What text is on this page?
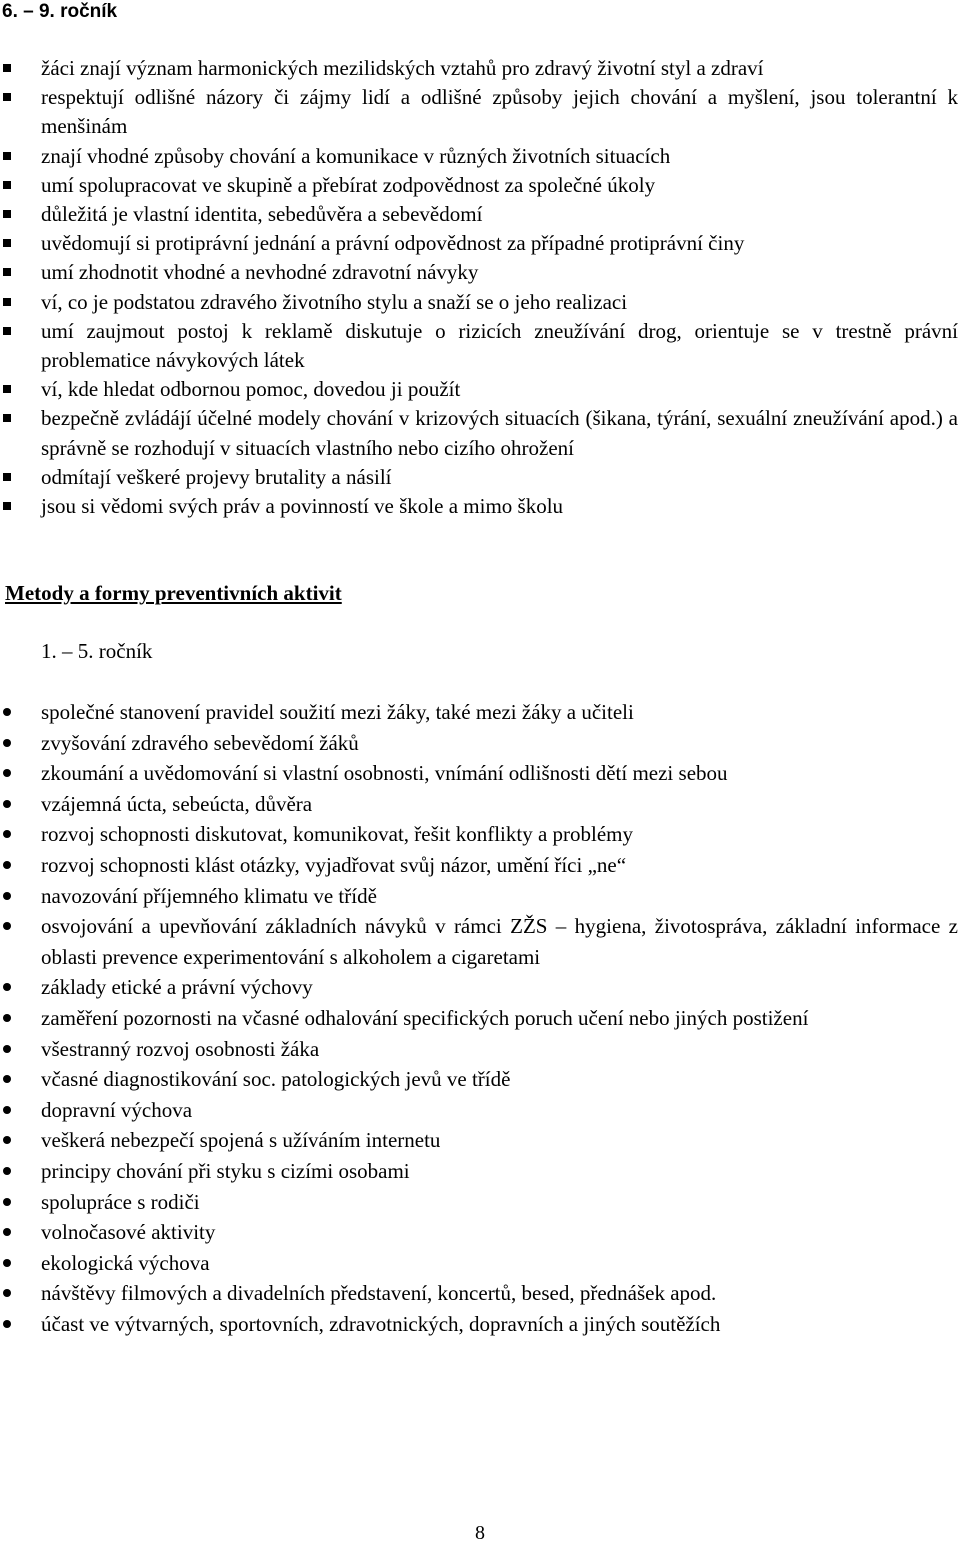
6. – 9. ročník
žáci znají význam harmonických mezilidských vztahů pro zdravý životní styl a zdraví
respektují odlišné názory či zájmy lidí a odlišné způsoby jejich chování a myšlení, jsou tolerantní k menšinám
znají vhodné způsoby chování a komunikace v různých životních situacích
umí spolupracovat ve skupině a přebírat zodpovědnost za společné úkoly
důležitá je vlastní identita, sebedůvěra a sebevědomí
uvědomují si protiprávní jednání a právní odpovědnost za případné protiprávní činy
umí zhodnotit vhodné a nevhodné zdravotní návyky
ví, co je podstatou zdravého životního stylu a snaží se o jeho realizaci
umí zaujmout postoj k reklamě diskutuje o rizicích zneužívání drog, orientuje se v trestně právní problematice návykových látek
ví, kde hledat odbornou pomoc, dovedou ji použít
bezpečně zvládájí účelné modely chování v krizových situacích (šikana, týrání, sexuální zneužívání apod.) a správně se rozhodují v situacích vlastního nebo cizího ohrožení
odmítají veškeré projevy brutality a násilí
jsou si vědomi svých práv a povinností ve škole a mimo školu
Metody a formy preventivních aktivit
1. – 5. ročník
společné stanovení pravidel soužití mezi žáky, také mezi žáky a učiteli
zvyšování zdravého sebevědomí žáků
zkoumání a uvědomování si vlastní osobnosti, vnímání odlišnosti dětí mezi sebou
vzájemná úcta, sebeúcta, důvěra
rozvoj schopnosti diskutovat, komunikovat, řešit konflikty a problémy
rozvoj schopnosti klást otázky, vyjadřovat svůj názor, umění říci „ne“
navozování příjemného klimatu ve třídě
osvojování a upevňování základních návyků v rámci ZŽS – hygiena, životospráva, základní informace z oblasti prevence experimentování s alkoholem a cigaretami
základy etické a právní výchovy
zaměření pozornosti na včasné odhalování specifických poruch učení nebo jiných postižení
všestranný rozvoj osobnosti žáka
včasné diagnostikování soc. patologických jevů ve třídě
dopravní výchova
veškerá nebezpečí spojená s užíváním internetu
principy chování při styku s cizími osobami
spolupráce s rodiči
volnočasové aktivity
ekologická výchova
návštěvy filmových a divadelních představení, koncertů, besed, přednášek apod.
účast ve výtvarných, sportovních, zdravotnických, dopravních a jiných soutěžích
8
